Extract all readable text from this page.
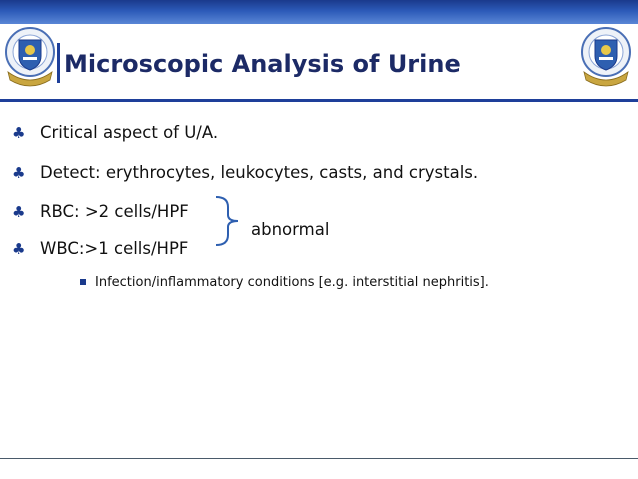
Microscopic Analysis of Urine
♣ Critical aspect of U/A.
♣ Detect: erythrocytes, leukocytes, casts, and crystals.
♣ RBC: >2 cells/HPF
♣ WBC:>1 cells/HPF
abnormal
Infection/inflammatory conditions [e.g. interstitial nephritis].
